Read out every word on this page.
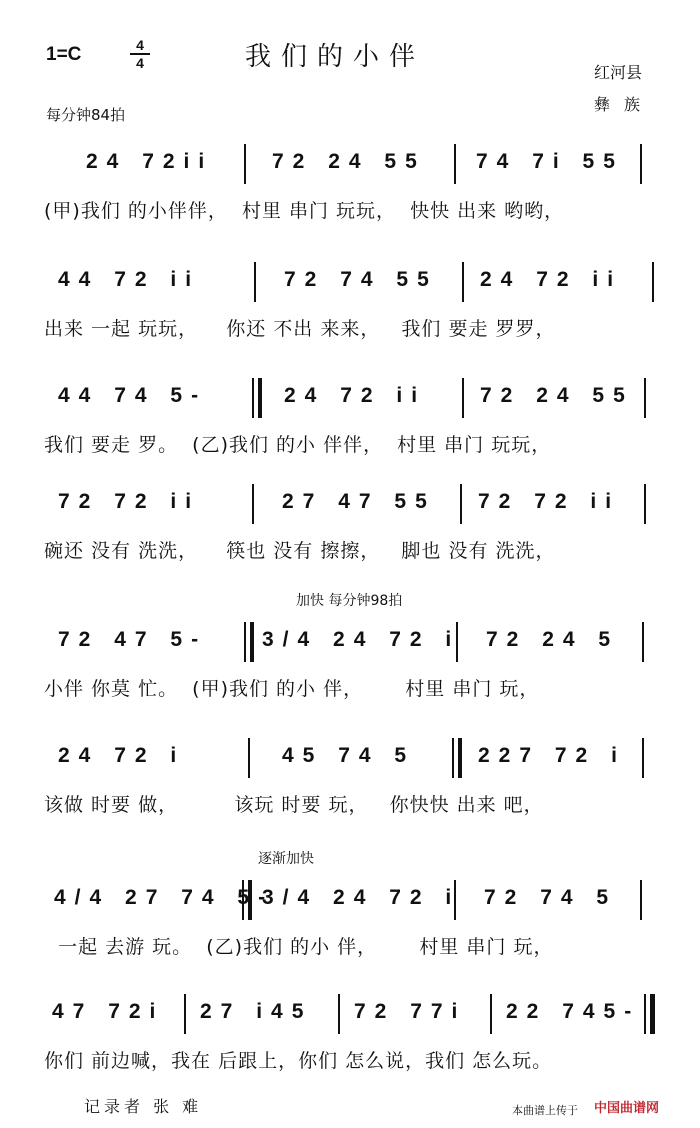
1=C	4
4	我们的小伴
红河县
彝族
每分钟84拍
24 72ii	72 24 55 74 7i 55
(甲)我们 的小伴伴，  村里 串门 玩玩，  快快 出来 哟哟，
44 72 ii	72 74 55 24 72 ii
出来 一起 玩玩，    你还 不出 来来，   我们 要走 罗罗，
44 74 5-	24 72 ii	72 24 55
我们 要走 罗。  (乙)我们 的小 伴伴，  村里 串门 玩玩，
72 72 ii	27 47 55 72 72 ii
碗还 没有 洗洗，    筷也 没有 擦擦，   脚也 没有 洗洗，
加快 每分钟98拍
72 47 5-	3/4 24 72 i 72 24 5
小伴 你莫 忙。  (甲)我们 的小 伴，      村里 串门 玩，
24 72 i	45 74 5	227 72 i
该做 时要 做，        该玩 时要 玩，   你快快 出来 吧，
逐渐加快
4/4 27 74 5-
3/4 24 72 i 72 74 5
一起 去游 玩。  (乙)我们 的小 伴，      村里 串门 玩，
47 72i 27 i45 72 77i 22 745-
你们 前边喊，我在 后跟上，你们 怎么说，我们 怎么玩。
记录者 张 难	本曲谱上传于 中国曲谱网
